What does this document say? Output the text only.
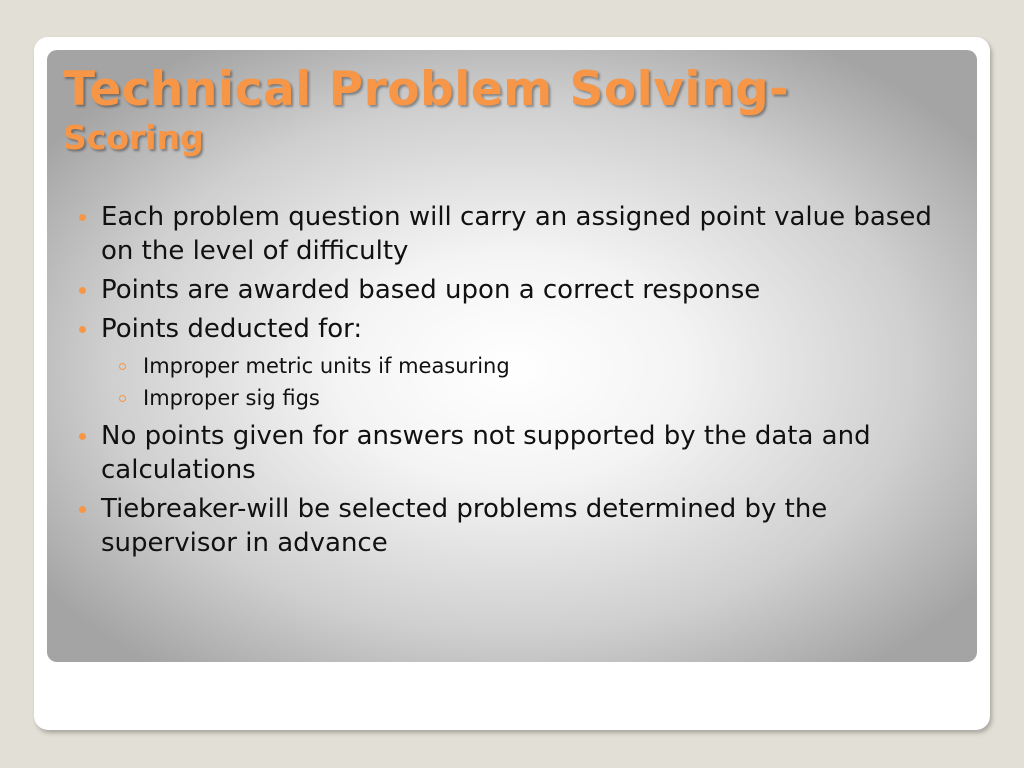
Technical Problem Solving-
Scoring
Each problem question will carry an assigned point value based on the level of difficulty
Points are awarded based upon a correct response
Points deducted for:
Improper metric units if measuring
Improper sig figs
No points given for answers not supported by the data and calculations
Tiebreaker-will be selected problems determined by the supervisor in advance
